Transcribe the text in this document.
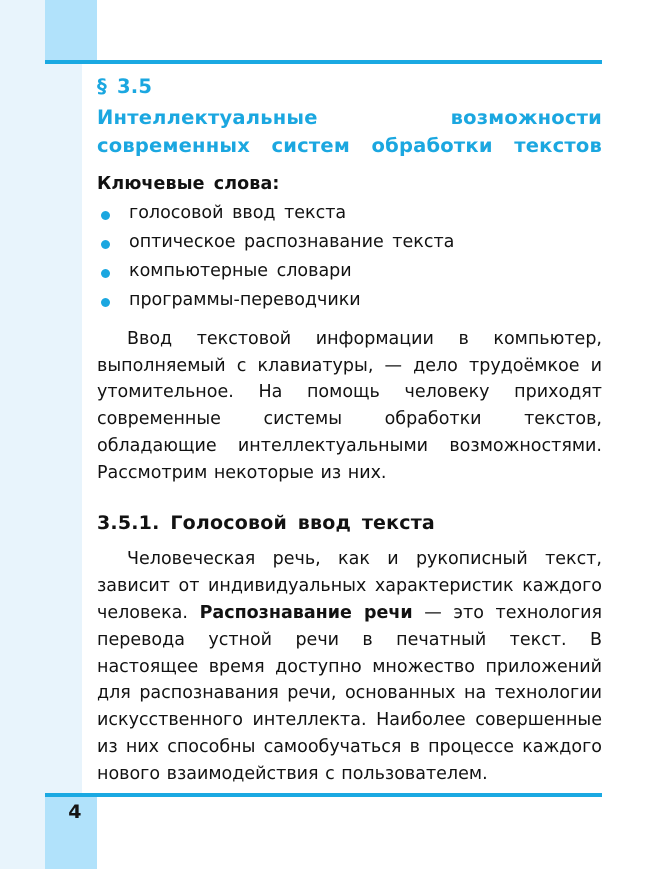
4
§ 3.5
Интеллектуальные возможности современных систем обработки текстов
Ключевые слова:
голосовой ввод текста
оптическое распознавание текста
компьютерные словари
программы-переводчики

Ввод текстовой информации в компьютер, выполняемый с клавиатуры, — дело трудоёмкое и утомительное. На помощь человеку приходят современные системы обработки текстов, обладающие интеллектуальными возможностями. Рассмотрим некоторые из них.

3.5.1. Голосовой ввод текста

Человеческая речь, как и рукописный текст, зависит от индивидуальных характеристик каждого человека. Распознавание речи — это технология перевода устной речи в печатный текст. В настоящее время доступно множество приложений для распознавания речи, основанных на технологии искусственного интеллекта. Наиболее совершенные из них способны самообучаться в процессе каждого нового взаимодействия с пользователем.
